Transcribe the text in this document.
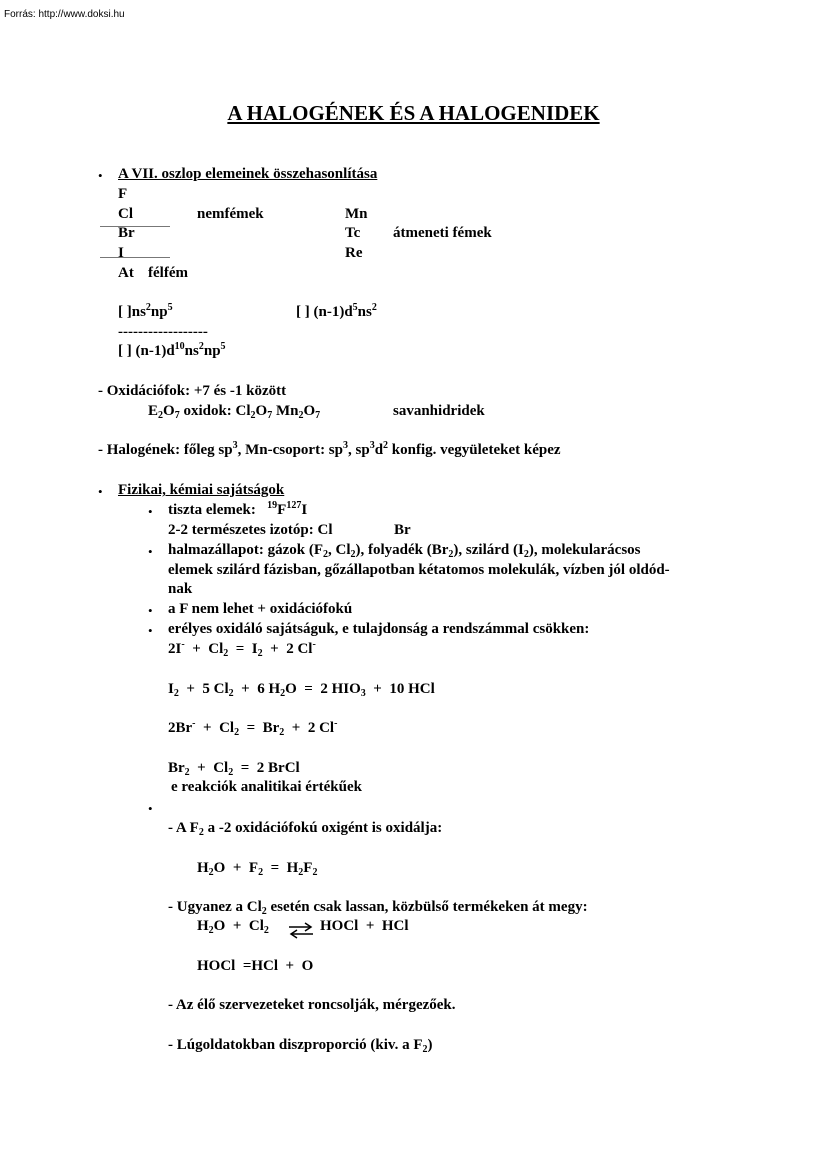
Forrás: http://www.doksi.hu
A HALOGÉNEK ÉS A HALOGENIDEK
• A VII. oszlop elemeinek összehasonlítása
F
Cl	nemfémek	Mn
Br	Tc átmeneti fémek
I	Re
At félfém
[ ]$ns^2np^5$	[ ] $(n-1)d^5ns^2$
------------------
[ ] $(n-1)d^{10}ns^2np^5$
- Oxidációfok: +7 és -1 között
$E_2O_7$ oxidok: $Cl_2O_7$ $Mn_2O_7$	savanhidridek
- Halogének: főleg $sp^3$, Mn-csoport: $sp^3$, $sp^3d^2$ konfig. vegyületeket képez
• Fizikai, kémiai sajátságok
• tiszta elemek: $^{19}F^{127}I$
2-2 természetes izotóp: Cl	Br
• halmazállapot: gázok ($F_2$, $Cl_2$), folyadék $(Br_2)$, szilárd $(I_2)$, molekularácsos
elemek szilárd fázisban, gőzállapotban kétatomos molekulák, vízben jól oldód-
nak
• a F nem lehet + oxidációfokú
• erélyes oxidáló sajátságuk, e tulajdonság a rendszámmal csökken:
$2I^- + Cl_2 = I_2 + 2$ Cl-
$I_2 + 5$ $Cl_2 + 6$ $H_2O = 2$ $HIO_3 + 10$ HCl
$2Br^- + Cl_2 = Br_2 + 2$ Cl-
$Br_2 + Cl_2 = 2$ BrCl
e reakciók analitikai értékűek
•
- A $F_2$ a -2 oxidációfokú oxigént is oxidálja:
$H_2O + F_2 = H_2F_2$
- Ugyanez a $Cl_2$ esetén csak lassan, közbülső termékeken át megy:
$H_2O + Cl_2$ ⇌ HOCl  +  HCl
HOCl  =HCl  +  O
- Az élő szervezeteket roncsolják, mérgezőek.
- Lúgoldatokban diszproporció (kiv. a $F_2$)
